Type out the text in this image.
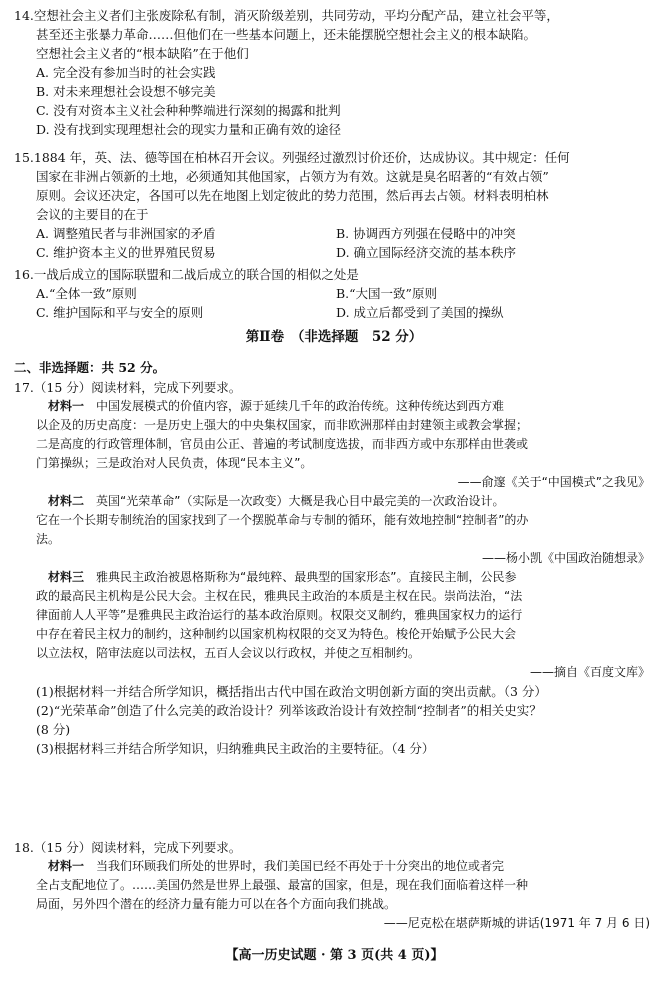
14.空想社会主义者们主张废除私有制，消灭阶级差别，共同劳动，平均分配产品，建立社会平等，
甚至还主张暴力革命……但他们在一些基本问题上，还未能摆脱空想社会主义的根本缺陷。
空想社会主义者的“根本缺陷”在于他们
A. 完全没有参加当时的社会实践
B. 对未来理想社会设想不够完美
C. 没有对资本主义社会种种弊端进行深刻的揭露和批判
D. 没有找到实现理想社会的现实力量和正确有效的途径
15.1884 年，英、法、德等国在柏林召开会议。列强经过激烈讨价还价，达成协议。其中规定：任何
国家在非洲占领新的土地，必须通知其他国家，占领方为有效。这就是臭名昭著的“有效占领”
原则。会议还决定，各国可以先在地图上划定彼此的势力范围，然后再去占领。材料表明柏林
会议的主要目的在于
A. 调整殖民者与非洲国家的矛盾	B. 协调西方列强在侵略中的冲突
C. 维护资本主义的世界殖民贸易	D. 确立国际经济交流的基本秩序
16.一战后成立的国际联盟和二战后成立的联合国的相似之处是
A.“全体一致”原则	B.“大国一致”原则
C. 维护国际和平与安全的原则	D. 成立后都受到了美国的操纵
第Ⅱ卷　（非选择题　52 分）
二、非选择题：共 52 分。
17.（15 分）阅读材料，完成下列要求。
材料一　中国发展模式的价值内容，源于延续几千年的政治传统。这种传统达到西方难
以企及的历史高度：一是历史上强大的中央集权国家，而非欧洲那样由封建领主或教会掌握；
二是高度的行政管理体制，官员由公正、普遍的考试制度选拔，而非西方或中东那样由世袭或
门第操纵；三是政治对人民负责，体现“民本主义”。
——俞邃《关于“中国模式”之我见》
材料二　英国“光荣革命”（实际是一次政变）大概是我心目中最完美的一次政治设计。
它在一个长期专制统治的国家找到了一个摆脱革命与专制的循环，能有效地控制“控制者”的办
法。
——杨小凯《中国政治随想录》
材料三　雅典民主政治被恩格斯称为“最纯粹、最典型的国家形态”。直接民主制，公民参
政的最高民主机构是公民大会。主权在民，雅典民主政治的本质是主权在民。崇尚法治，“法
律面前人人平等”是雅典民主政治运行的基本政治原则。权限交叉制约，雅典国家权力的运行
中存在着民主权力的制约，这种制约以国家机构权限的交叉为特色。梭伦开始赋予公民大会
以立法权，陪审法庭以司法权，五百人会议以行政权，并使之互相制约。
——摘自《百度文库》
(1)根据材料一并结合所学知识，概括指出古代中国在政治文明创新方面的突出贡献。（3 分）
(2)“光荣革命”创造了什么完美的政治设计？列举该政治设计有效控制“控制者”的相关史实？
(8 分)
(3)根据材料三并结合所学知识，归纳雅典民主政治的主要特征。（4 分）
18.（15 分）阅读材料，完成下列要求。
材料一　当我们环顾我们所处的世界时，我们美国已经不再处于十分突出的地位或者完
全占支配地位了。……美国仍然是世界上最强、最富的国家，但是，现在我们面临着这样一种
局面，另外四个潜在的经济力量有能力可以在各个方面向我们挑战。
——尼克松在堪萨斯城的讲话(1971 年 7 月 6 日)
【高一历史试题 · 第 3 页(共 4 页)】
